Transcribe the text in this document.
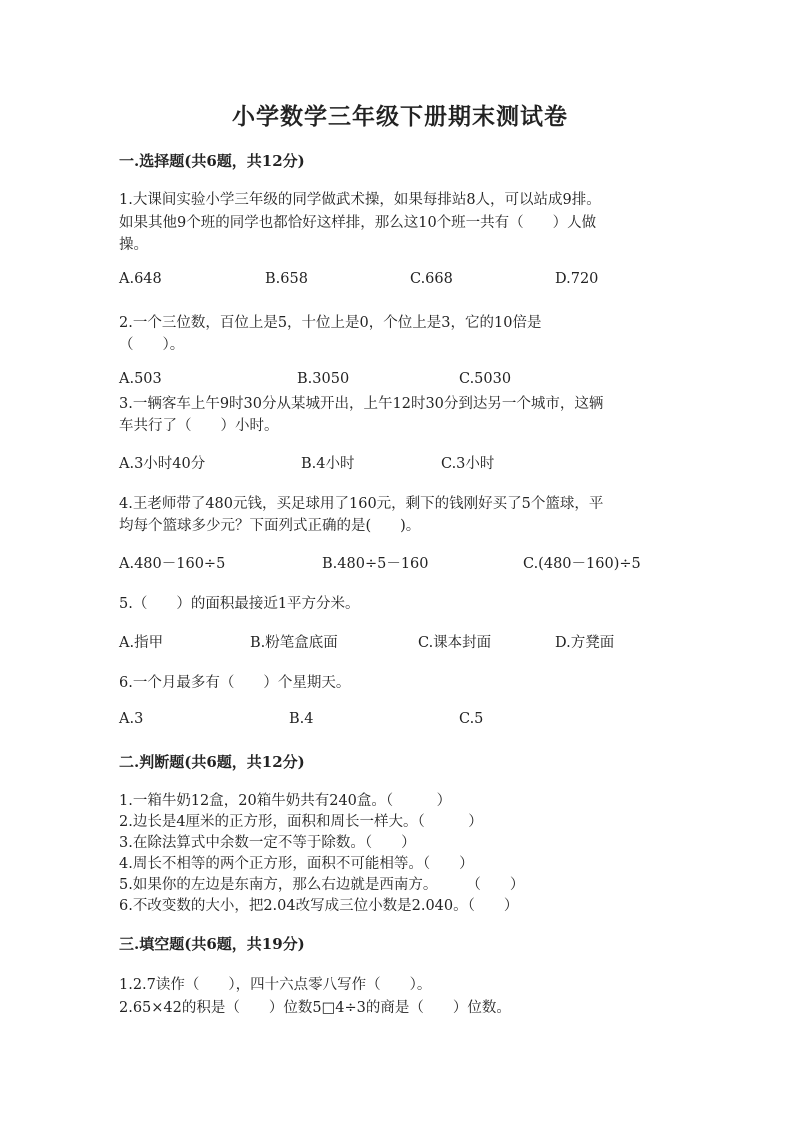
小学数学三年级下册期末测试卷
一.选择题(共6题，共12分)
1.大课间实验小学三年级的同学做武术操，如果每排站8人，可以站成9排。
如果其他9个班的同学也都恰好这样排，那么这10个班一共有（　　）人做
操。
A.648	B.658	C.668	D.720
2.一个三位数，百位上是5，十位上是0，个位上是3，它的10倍是
（　　）。
A.503	B.3050	C.5030
3.一辆客车上午9时30分从某城开出，上午12时30分到达另一个城市，这辆
车共行了（　　）小时。
A.3小时40分	B.4小时	C.3小时
4.王老师带了480元钱，买足球用了160元，剩下的钱刚好买了5个篮球，平
均每个篮球多少元？下面列式正确的是(　　)。
A.480－160÷5	B.480÷5－160	C.(480－160)÷5
5.（　　）的面积最接近1平方分米。
A.指甲	B.粉笔盒底面	C.课本封面	D.方凳面
6.一个月最多有（　　）个星期天。
A.3	B.4	C.5
二.判断题(共6题，共12分)
1.一箱牛奶12盒，20箱牛奶共有240盒。（　　　）
2.边长是4厘米的正方形，面积和周长一样大。（　　　）
3.在除法算式中余数一定不等于除数。（　　）
4.周长不相等的两个正方形，面积不可能相等。（　　）
5.如果你的左边是东南方，那么右边就是西南方。　　　（　　）
6.不改变数的大小，把2.04改写成三位小数是2.040。（　　）
三.填空题(共6题，共19分)
1.2.7读作（　　），四十六点零八写作（　　）。
2.65×42的积是（　　）位数5□4÷3的商是（　　）位数。
